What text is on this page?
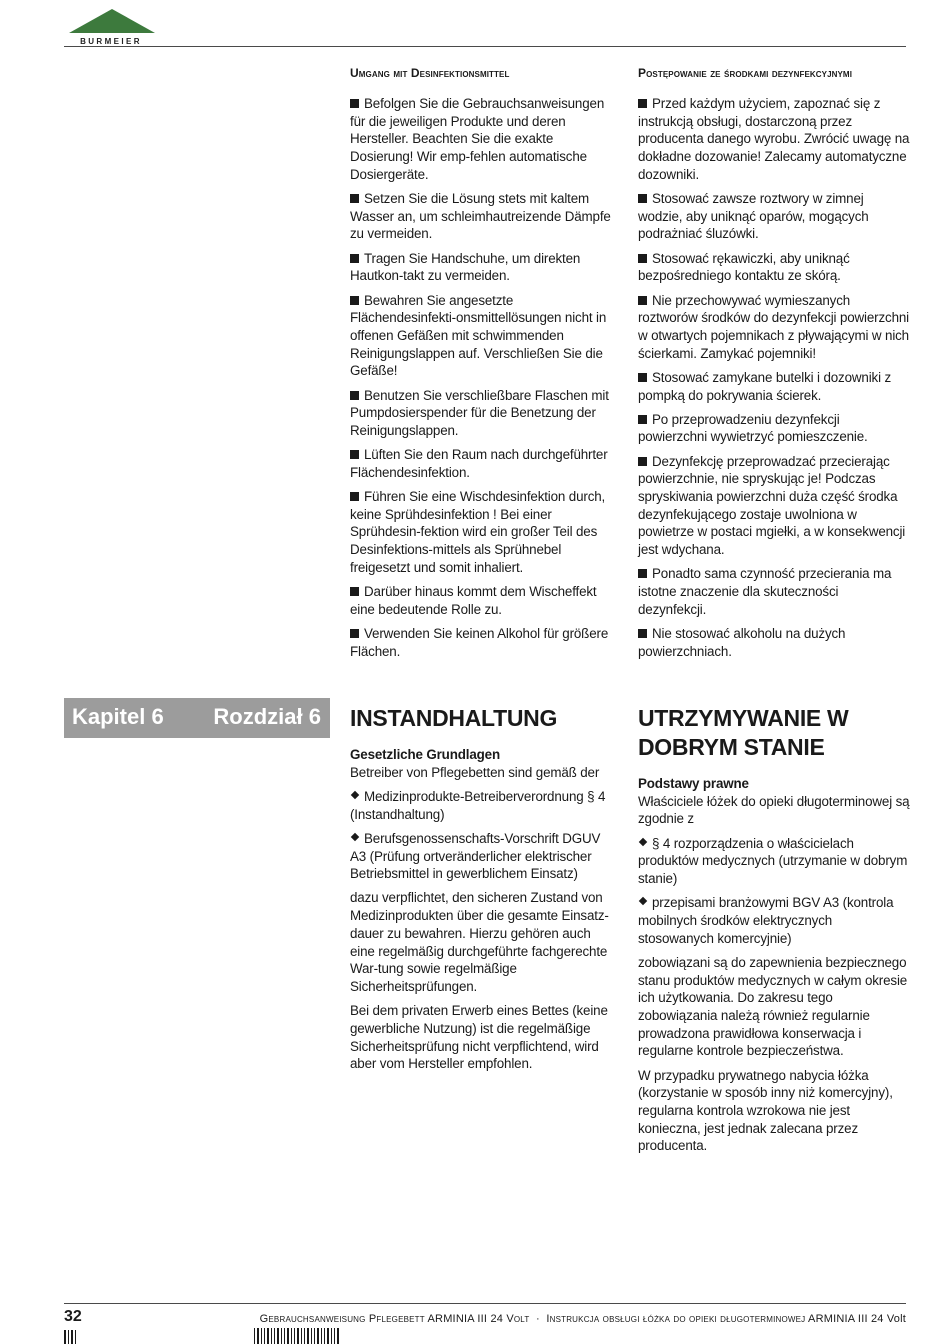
BURMEIER
Umgang mit Desinfektionsmittel	Postępowanie ze środkami dezynfekcyjnymi
Befolgen Sie die Gebrauchsanweisungen für die jeweiligen Produkte und deren Hersteller. Beachten Sie die exakte Dosierung! Wir emp-fehlen automatische Dosiergeräte.
Setzen Sie die Lösung stets mit kaltem Wasser an, um schleimhautreizende Dämpfe zu vermeiden.
Tragen Sie Handschuhe, um direkten Hautkon-takt zu vermeiden.
Bewahren Sie angesetzte Flächendesinfekti-onsmittellösungen nicht in offenen Gefäßen mit schwimmenden Reinigungslappen auf. Verschließen Sie die Gefäße!
Benutzen Sie verschließbare Flaschen mit Pumpdosierspender für die Benetzung der Reinigungslappen.
Lüften Sie den Raum nach durchgeführter Flächendesinfektion.
Führen Sie eine Wischdesinfektion durch, keine Sprühdesinfektion ! Bei einer Sprühdesin-fektion wird ein großer Teil des Desinfektions-mittels als Sprühnebel freigesetzt und somit inhaliert.
Darüber hinaus kommt dem Wischeffekt eine bedeutende Rolle zu.
Verwenden Sie keinen Alkohol für größere Flächen.
Przed każdym użyciem, zapoznać się z instrukcją obsługi, dostarczoną przez producenta danego wyrobu. Zwrócić uwagę na dokładne dozowanie! Zalecamy automatyczne dozowniki.
Stosować zawsze roztwory w zimnej wodzie, aby uniknąć oparów, mogących podrażniać śluzówki.
Stosować rękawiczki, aby uniknąć bezpośredniego kontaktu ze skórą.
Nie przechowywać wymieszanych roztworów środków do dezynfekcji powierzchni w otwartych pojemnikach z pływającymi w nich ścierkami. Zamykać pojemniki!
Stosować zamykane butelki i dozowniki z pompką do pokrywania ścierek.
Po przeprowadzeniu dezynfekcji powierzchni wywietrzyć pomieszczenie.
Dezynfekcję przeprowadzać przecierając powierzchnie, nie spryskując je! Podczas spryskiwania powierzchni duża część środka dezynfekującego zostaje uwolniona w powietrze w postaci mgiełki, a w konsekwencji jest wdychana.
Ponadto sama czynność przecierania ma istotne znaczenie dla skuteczności dezynfekcji.
Nie stosować alkoholu na dużych powierzchniach.
Kapitel 6 Rozdział 6 INSTANDHALTUNG
Gesetzliche Grundlagen
Betreiber von Pflegebetten sind gemäß der
Medizinprodukte-Betreiberverordnung § 4 (Instandhaltung)
Berufsgenossenschafts-Vorschrift DGUV A3 (Prüfung ortveränderlicher elektrischer Betriebsmittel in gewerblichem Einsatz)
dazu verpflichtet, den sicheren Zustand von Medizinprodukten über die gesamte Einsatz-dauer zu bewahren. Hierzu gehören auch eine regelmäßig durchgeführte fachgerechte War-tung sowie regelmäßige Sicherheitsprüfungen.
Bei dem privaten Erwerb eines Bettes (keine gewerbliche Nutzung) ist die regelmäßige Sicherheitsprüfung nicht verpflichtend, wird aber vom Hersteller empfohlen.
UTRZYMYWANIE W DOBRYM STANIE
Podstawy prawne
Właściciele łóżek do opieki długoterminowej są zgodnie z
§ 4 rozporządzenia o właścicielach produktów medycznych (utrzymanie w dobrym stanie)
przepisami branżowymi BGV A3 (kontrola mobilnych środków elektrycznych stosowanych komercyjnie)
zobowiązani są do zapewnienia bezpiecznego stanu produktów medycznych w całym okresie ich użytkowania. Do zakresu tego zobowiązania należą również regularnie prowadzona prawidłowa konserwacja i regularne kontrole bezpieczeństwa.
W przypadku prywatnego nabycia łóżka (korzystanie w sposób inny niż komercyjny), regularna kontrola wzrokowa nie jest konieczna, jest jednak zalecana przez producenta.
32	Gebrauchsanweisung Pflegebett ARMINIA III 24 Volt · Instrukcja obsługi łóżka do opieki długoterminowej ARMINIA III 24 Volt
